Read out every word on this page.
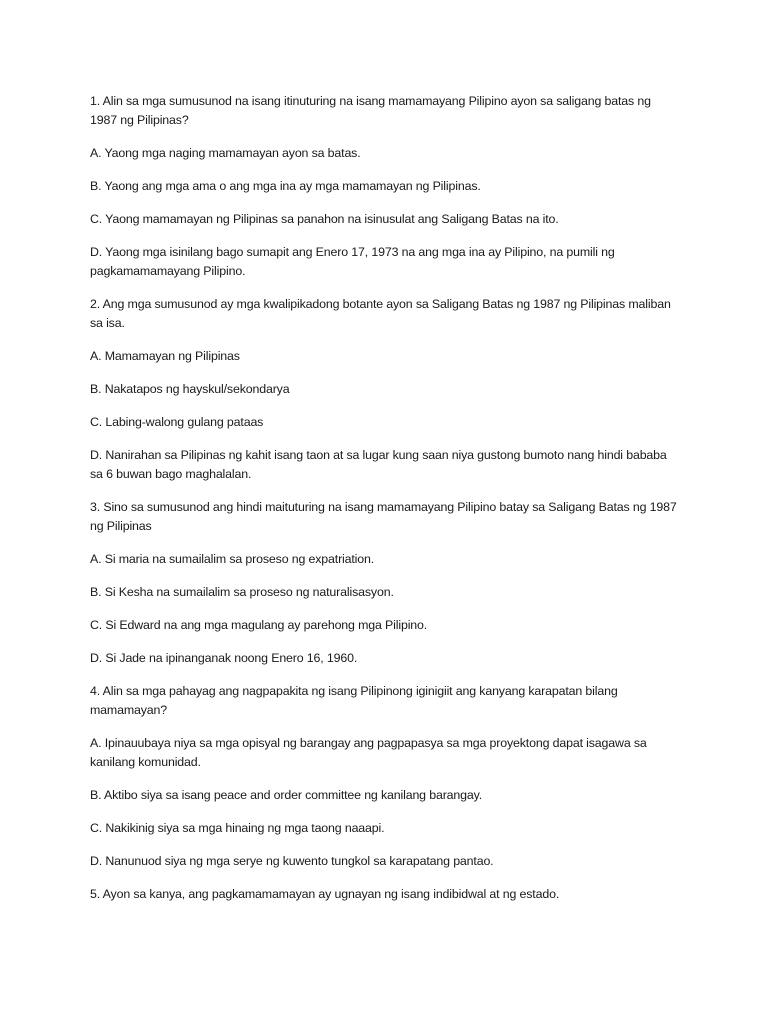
1. Alin sa mga sumusunod na isang itinuturing na isang mamamayang Pilipino ayon sa saligang batas ng 1987 ng Pilipinas?

A. Yaong mga naging mamamayan ayon sa batas.

B. Yaong ang mga ama o ang mga ina ay mga mamamayan ng Pilipinas.

C. Yaong mamamayan ng Pilipinas sa panahon na isinusulat ang Saligang Batas na ito.

D. Yaong mga isinilang bago sumapit ang Enero 17, 1973 na ang mga ina ay Pilipino, na pumili ng pagkamamamayang Pilipino.

2. Ang mga sumusunod ay mga kwalipikadong botante ayon sa Saligang Batas ng 1987 ng Pilipinas maliban sa isa.

A. Mamamayan ng Pilipinas

B. Nakatapos ng hayskul/sekondarya

C. Labing-walong gulang pataas

D. Nanirahan sa Pilipinas ng kahit isang taon at sa lugar kung saan niya gustong bumoto nang hindi bababa sa 6 buwan bago maghalalan.

3. Sino sa sumusunod ang hindi maituturing na isang mamamayang Pilipino batay sa Saligang Batas ng 1987 ng Pilipinas

A. Si maria na sumailalim sa proseso ng expatriation.

B. Si Kesha na sumailalim sa proseso ng naturalisasyon.

C. Si Edward na ang mga magulang ay parehong mga Pilipino.

D. Si Jade na ipinanganak noong Enero 16, 1960.

4. Alin sa mga pahayag ang nagpapakita ng isang Pilipinong iginigiit ang kanyang karapatan bilang mamamayan?

A. Ipinauubaya niya sa mga opisyal ng barangay ang pagpapasya sa mga proyektong dapat isagawa sa kanilang komunidad.

B. Aktibo siya sa isang peace and order committee ng kanilang barangay.

C. Nakikinig siya sa mga hinaing ng mga taong naaapi.

D. Nanunuod siya ng mga serye ng kuwento tungkol sa karapatang pantao.

5. Ayon sa kanya, ang pagkamamamayan ay ugnayan ng isang indibidwal at ng estado.
